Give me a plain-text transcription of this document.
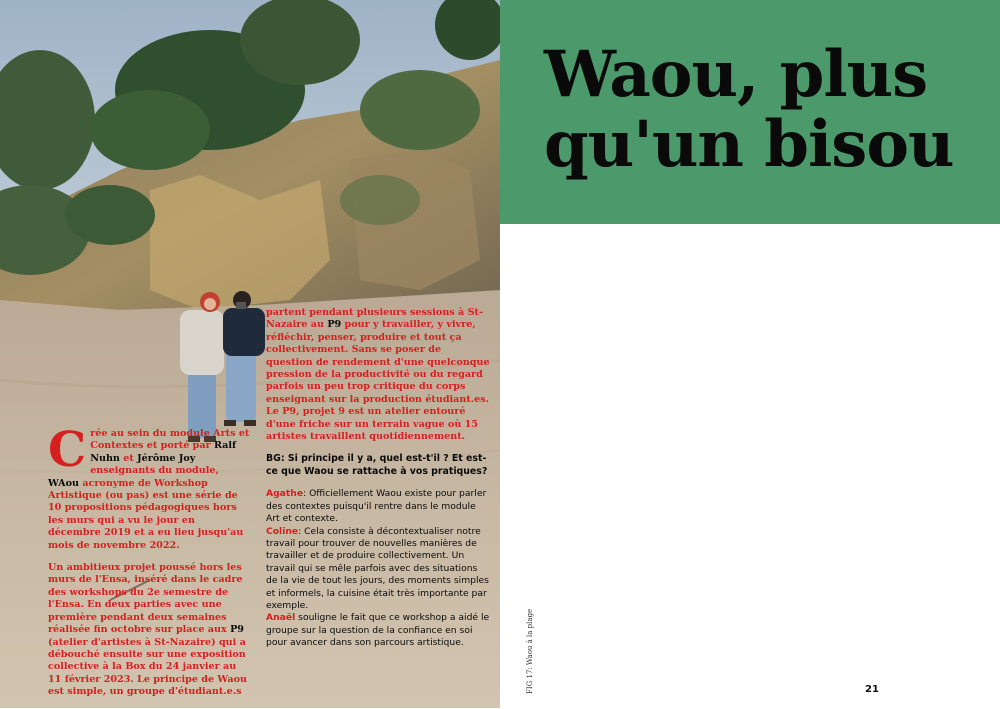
Waou, plus
qu'un bisou

Crée au sein du module Arts et Contextes et porté par Ralf Nuhn et Jérôme Joy enseignants du module, WAou acronyme de Workshop Artistique (ou pas) est une série de 10 propositions pédagogiques hors les murs qui a vu le jour en décembre 2019 et a eu lieu jusqu'au mois de novembre 2022.

Un ambitieux projet poussé hors les murs de l'Ensa, inséré dans le cadre des workshops du 2e semestre de l'Ensa. En deux parties avec une première pendant deux semaines réalisée fin octobre sur place aux P9 (atelier d'artistes à St-Nazaire) qui a débouché ensuite sur une exposition collective à la Box du 24 janvier au 11 février 2023. Le principe de Waou est simple, un groupe d'étudiant.e.s

partent pendant plusieurs sessions à St-Nazaire au P9 pour y travailler, y vivre, réfléchir, penser, produire et tout ça collectivement. Sans se poser de question de rendement d'une quelconque pression de la productivité ou du regard parfois un peu trop critique du corps enseignant sur la production étudiant.es. Le P9, projet 9 est un atelier entouré d'une friche sur un terrain vague où 15 artistes travaillent quotidiennement.

BG: Si principe il y a, quel est-t'il ? Et est-ce que Waou se rattache à vos pratiques?

Agathe: Officiellement Waou existe pour parler des contextes puisqu'il rentre dans le module Art et contexte.

Coline: Cela consiste à décontextualiser notre travail pour trouver de nouvelles manières de travailler et de produire collectivement. Un travail qui se mêle parfois avec des situations de la vie de tout les jours, des moments simples et informels, la cuisine était très importante par exemple.

Anaël souligne le fait que ce workshop a aidé le groupe sur la question de la confiance en soi pour avancer dans son parcours artistique.	FIG 17: Waou à la plage	21
